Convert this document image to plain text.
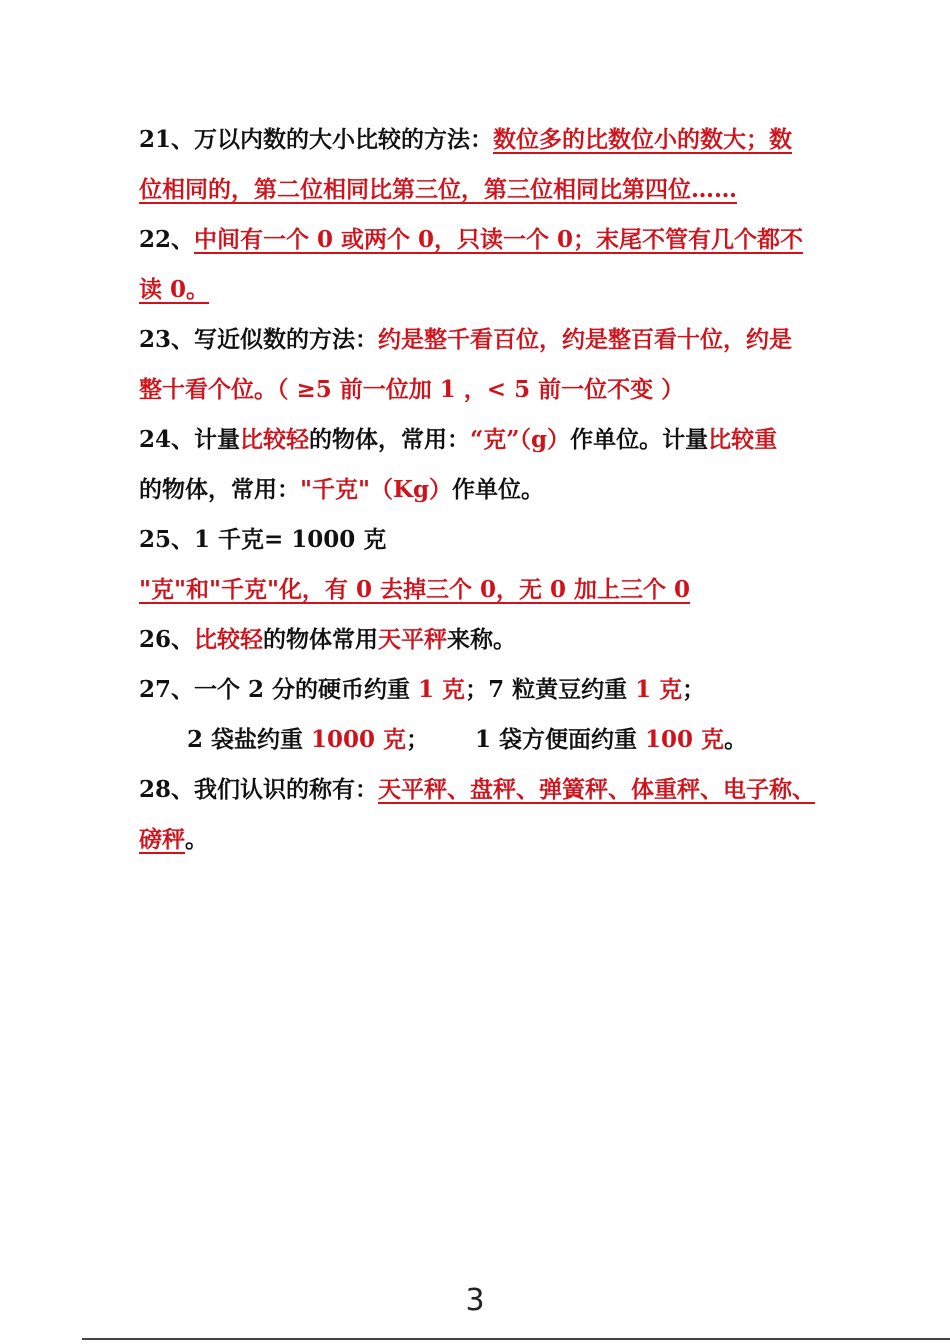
21、万以内数的大小比较的方法：数位多的比数位小的数大；数
位相同的，第二位相同比第三位，第三位相同比第四位……
22、中间有一个 0 或两个 0，只读一个 0；末尾不管有几个都不
读 0。
23、写近似数的方法：约是整千看百位，约是整百看十位，约是
整十看个位。（ ≥5 前一位加 1 ，< 5 前一位不变 ）
24、计量比较轻的物体，常用：“克”（g）作单位。计量比较重
的物体，常用："千克"（Kg）作单位。
25、1 千克= 1000 克
"克"和"千克"化，有 0 去掉三个 0，无 0 加上三个 0
26、比较轻的物体常用天平秤来称。
27、一个 2 分的硬币约重 1 克；7 粒黄豆约重 1 克；
2 袋盐约重 1000 克； 1 袋方便面约重 100 克。
28、我们认识的称有：天平秤、盘秤、弹簧秤、体重秤、电子称、
磅秤。
3
